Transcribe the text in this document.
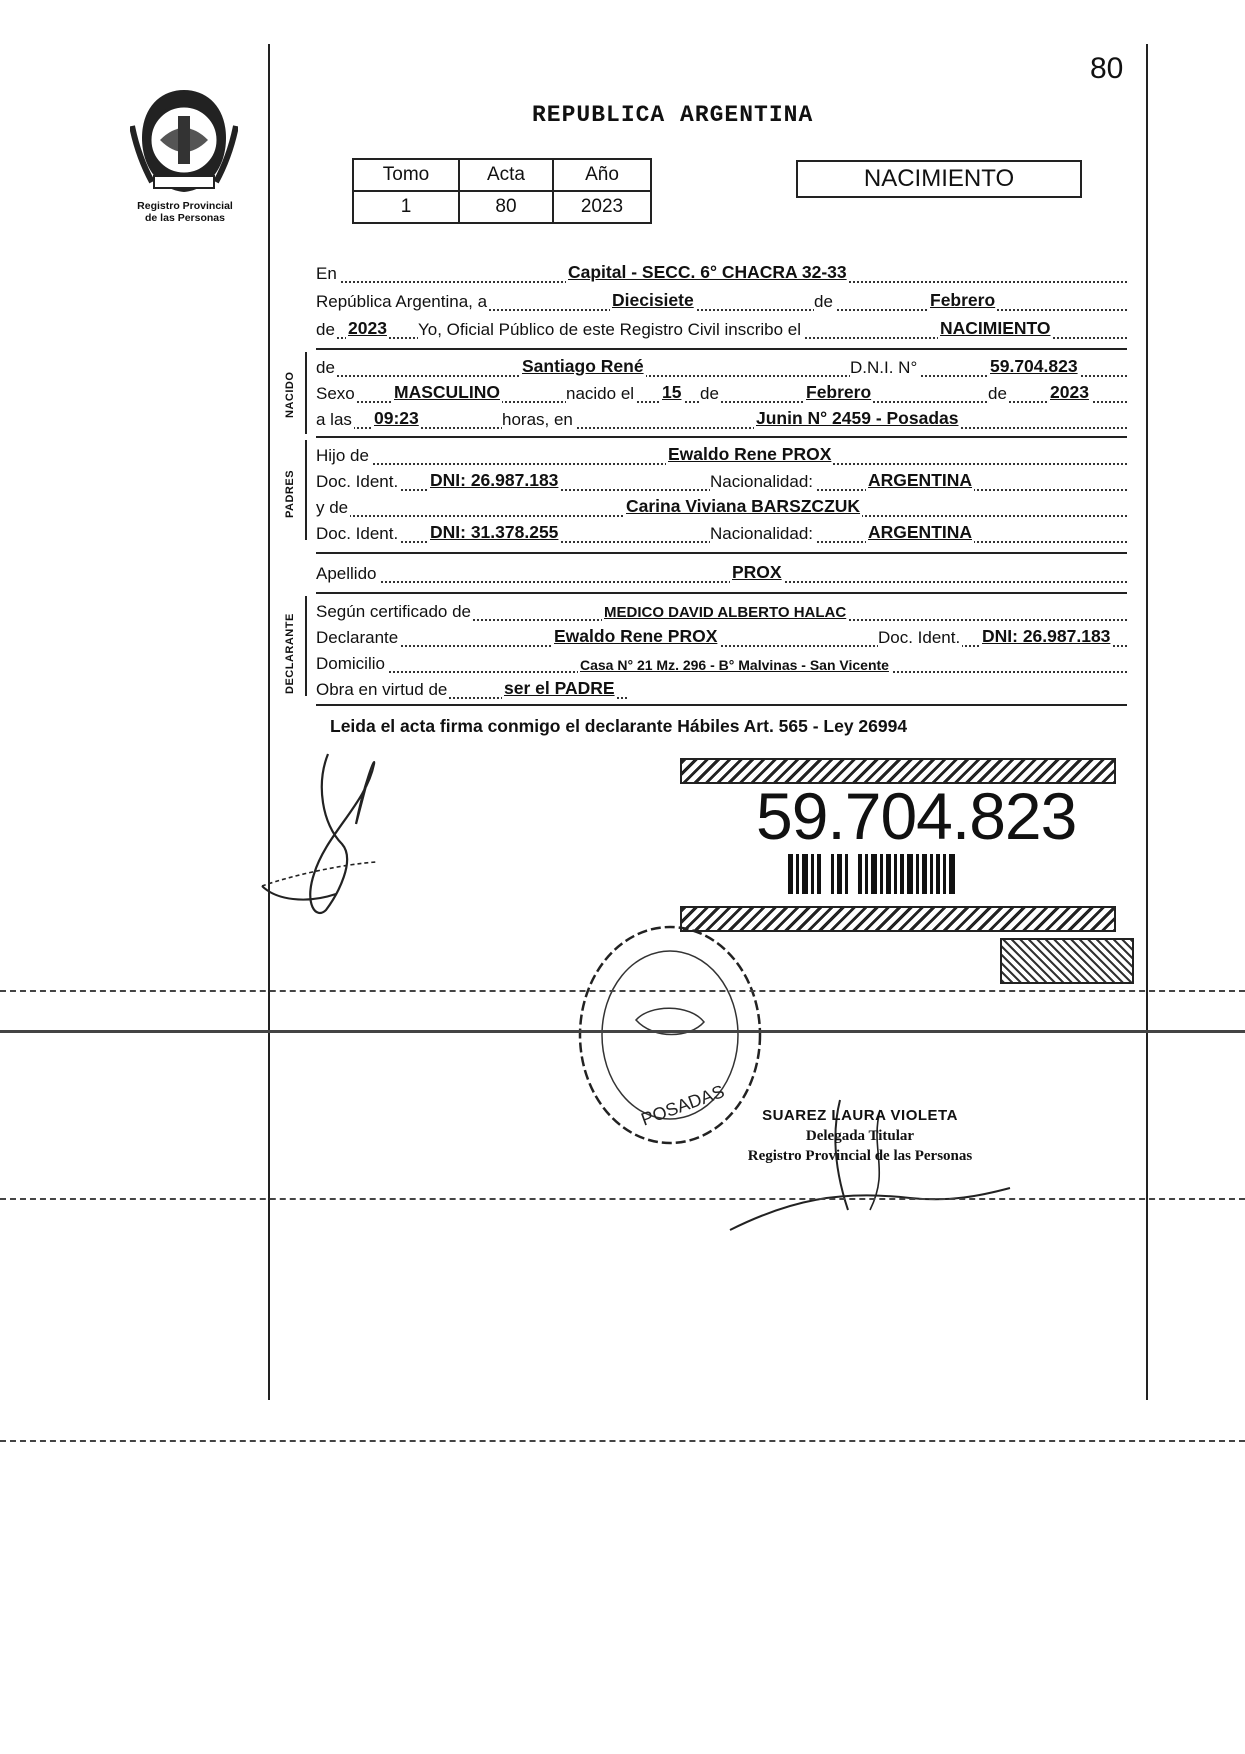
80
REPUBLICA ARGENTINA
Registro Provincial
de las Personas
Tomo	Acta	Año
1	80	2023
NACIMIENTO
En	Capital - SECC. 6° CHACRA 32-33
República Argentina, a	Diecisiete	de	Febrero
de 2023 Yo, Oficial Público de este Registro Civil inscribo el	NACIMIENTO
NACIDO
de	Santiago René	D.N.I. N°	59.704.823
Sexo MASCULINO	nacido el 15 de	Febrero	de 2023
a las 09:23	horas, en	Junin N° 2459 - Posadas
PADRES
Hijo de	Ewaldo Rene PROX
Doc. Ident. DNI: 26.987.183	Nacionalidad:	ARGENTINA
y de	Carina Viviana BARSZCZUK
Doc. Ident. DNI: 31.378.255	Nacionalidad:	ARGENTINA
Apellido	PROX
DECLARANTE
Según certificado de	MEDICO DAVID ALBERTO HALAC
Declarante	Ewaldo Rene PROX	Doc. Ident. DNI: 26.987.183
Domicilio	Casa N° 21 Mz. 296 - B° Malvinas - San Vicente
Obra en virtud de	ser el PADRE
Leida el acta firma conmigo el declarante Hábiles Art. 565 - Ley 26994
59.704.823
POSADAS	SUAREZ LAURA VIOLETA
Delegada Titular
Registro Provincial de las Personas
